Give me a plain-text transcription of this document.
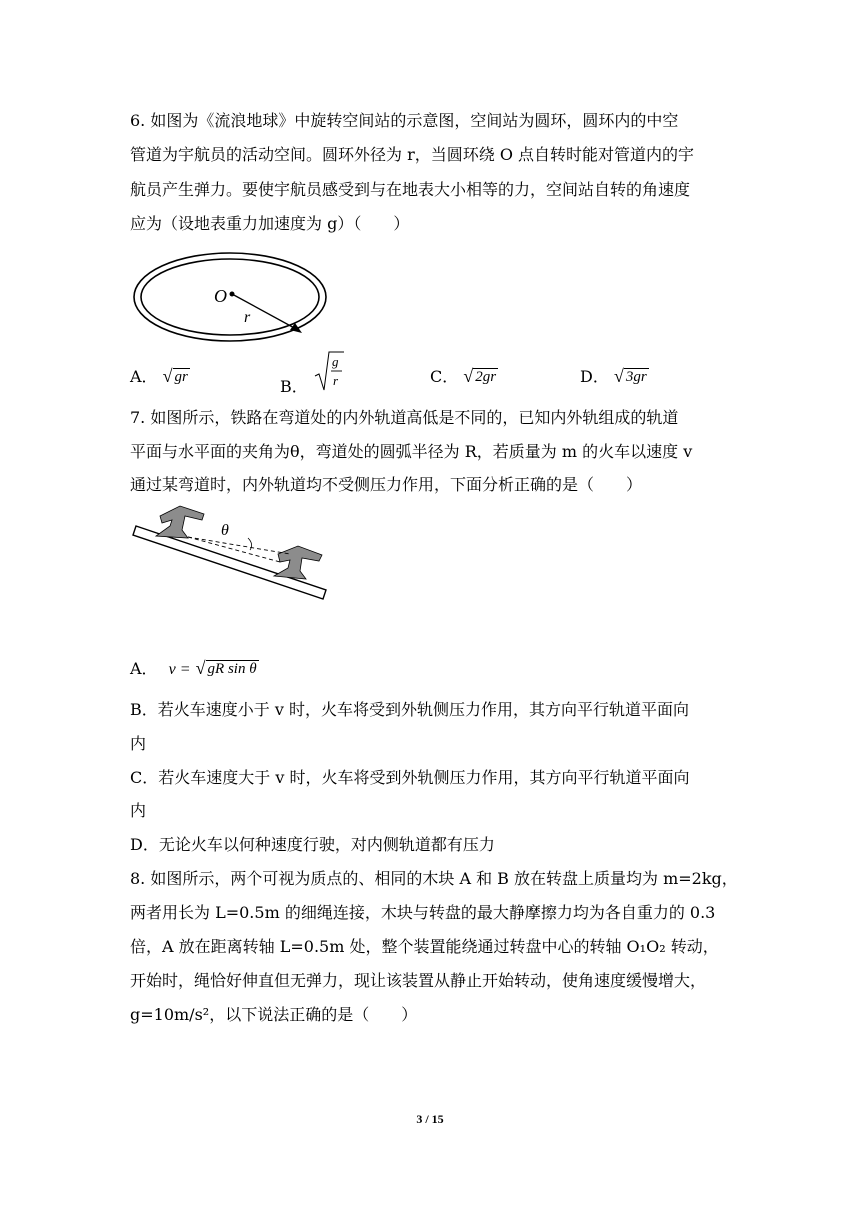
6. 如图为《流浪地球》中旋转空间站的示意图，空间站为圆环，圆环内的中空
管道为宇航员的活动空间。圆环外径为 r，当圆环绕 O 点自转时能对管道内的宇
航员产生弹力。要使宇航员感受到与在地表大小相等的力，空间站自转的角速度
应为（设地表重力加速度为 g）（　　）
O
r
A． √ gr	B．
g
r	C． √ 2gr	D． √ 3gr
7. 如图所示，铁路在弯道处的内外轨道高低是不同的，已知内外轨组成的轨道
平面与水平面的夹角为θ，弯道处的圆弧半径为 R，若质量为 m 的火车以速度 v
通过某弯道时，内外轨道均不受侧压力作用，下面分析正确的是（　　）
θ
A． v = √ gR sin θ
B．若火车速度小于 v 时，火车将受到外轨侧压力作用，其方向平行轨道平面向
内
C．若火车速度大于 v 时，火车将受到外轨侧压力作用，其方向平行轨道平面向
内
D．无论火车以何种速度行驶，对内侧轨道都有压力
8. 如图所示，两个可视为质点的、相同的木块 A 和 B 放在转盘上质量均为 m=2kg，
两者用长为 L=0.5m 的细绳连接，木块与转盘的最大静摩擦力均为各自重力的 0.3
倍，A 放在距离转轴 L=0.5m 处，整个装置能绕通过转盘中心的转轴 O₁O₂ 转动，
开始时，绳恰好伸直但无弹力，现让该装置从静止开始转动，使角速度缓慢增大，
g=10m/s²，以下说法正确的是（　　）
3 / 15
